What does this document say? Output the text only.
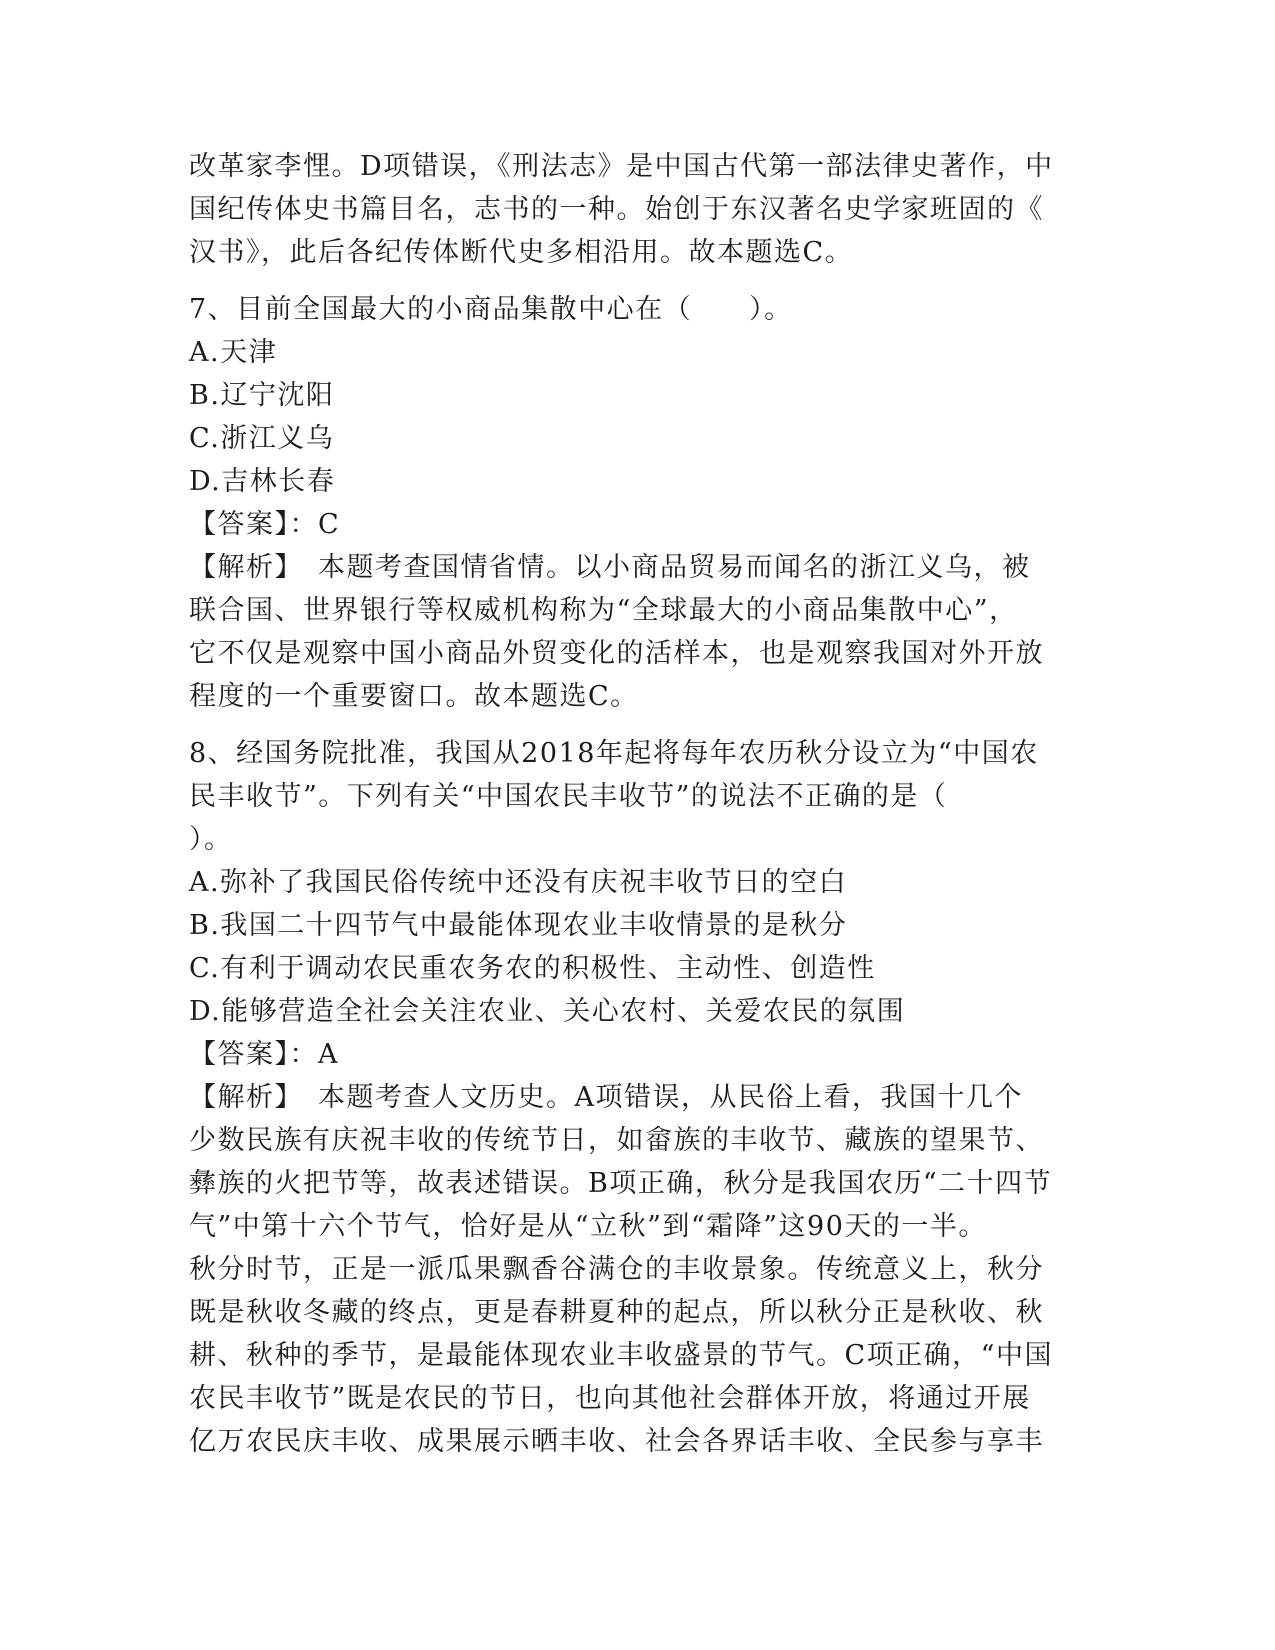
改革家李悝。D项错误，《刑法志》是中国古代第一部法律史著作，中
国纪传体史书篇目名，志书的一种。始创于东汉著名史学家班固的《
汉书》，此后各纪传体断代史多相沿用。故本题选C。
7、目前全国最大的小商品集散中心在（　　）。
A.天津
B.辽宁沈阳
C.浙江义乌
D.吉林长春
【答案】：C
【解析】　本题考查国情省情。以小商品贸易而闻名的浙江义乌，被
联合国、世界银行等权威机构称为“全球最大的小商品集散中心”，
它不仅是观察中国小商品外贸变化的活样本，也是观察我国对外开放
程度的一个重要窗口。故本题选C。
8、经国务院批准，我国从2018年起将每年农历秋分设立为“中国农
民丰收节”。下列有关“中国农民丰收节”的说法不正确的是（
）。
A.弥补了我国民俗传统中还没有庆祝丰收节日的空白
B.我国二十四节气中最能体现农业丰收情景的是秋分
C.有利于调动农民重农务农的积极性、主动性、创造性
D.能够营造全社会关注农业、关心农村、关爱农民的氛围
【答案】：A
【解析】　本题考查人文历史。A项错误，从民俗上看，我国十几个
少数民族有庆祝丰收的传统节日，如畲族的丰收节、藏族的望果节、
彝族的火把节等，故表述错误。B项正确，秋分是我国农历“二十四节
气”中第十六个节气，恰好是从“立秋”到“霜降”这90天的一半。
秋分时节，正是一派瓜果飘香谷满仓的丰收景象。传统意义上，秋分
既是秋收冬藏的终点，更是春耕夏种的起点，所以秋分正是秋收、秋
耕、秋种的季节，是最能体现农业丰收盛景的节气。C项正确，“中国
农民丰收节”既是农民的节日，也向其他社会群体开放，将通过开展
亿万农民庆丰收、成果展示晒丰收、社会各界话丰收、全民参与享丰
